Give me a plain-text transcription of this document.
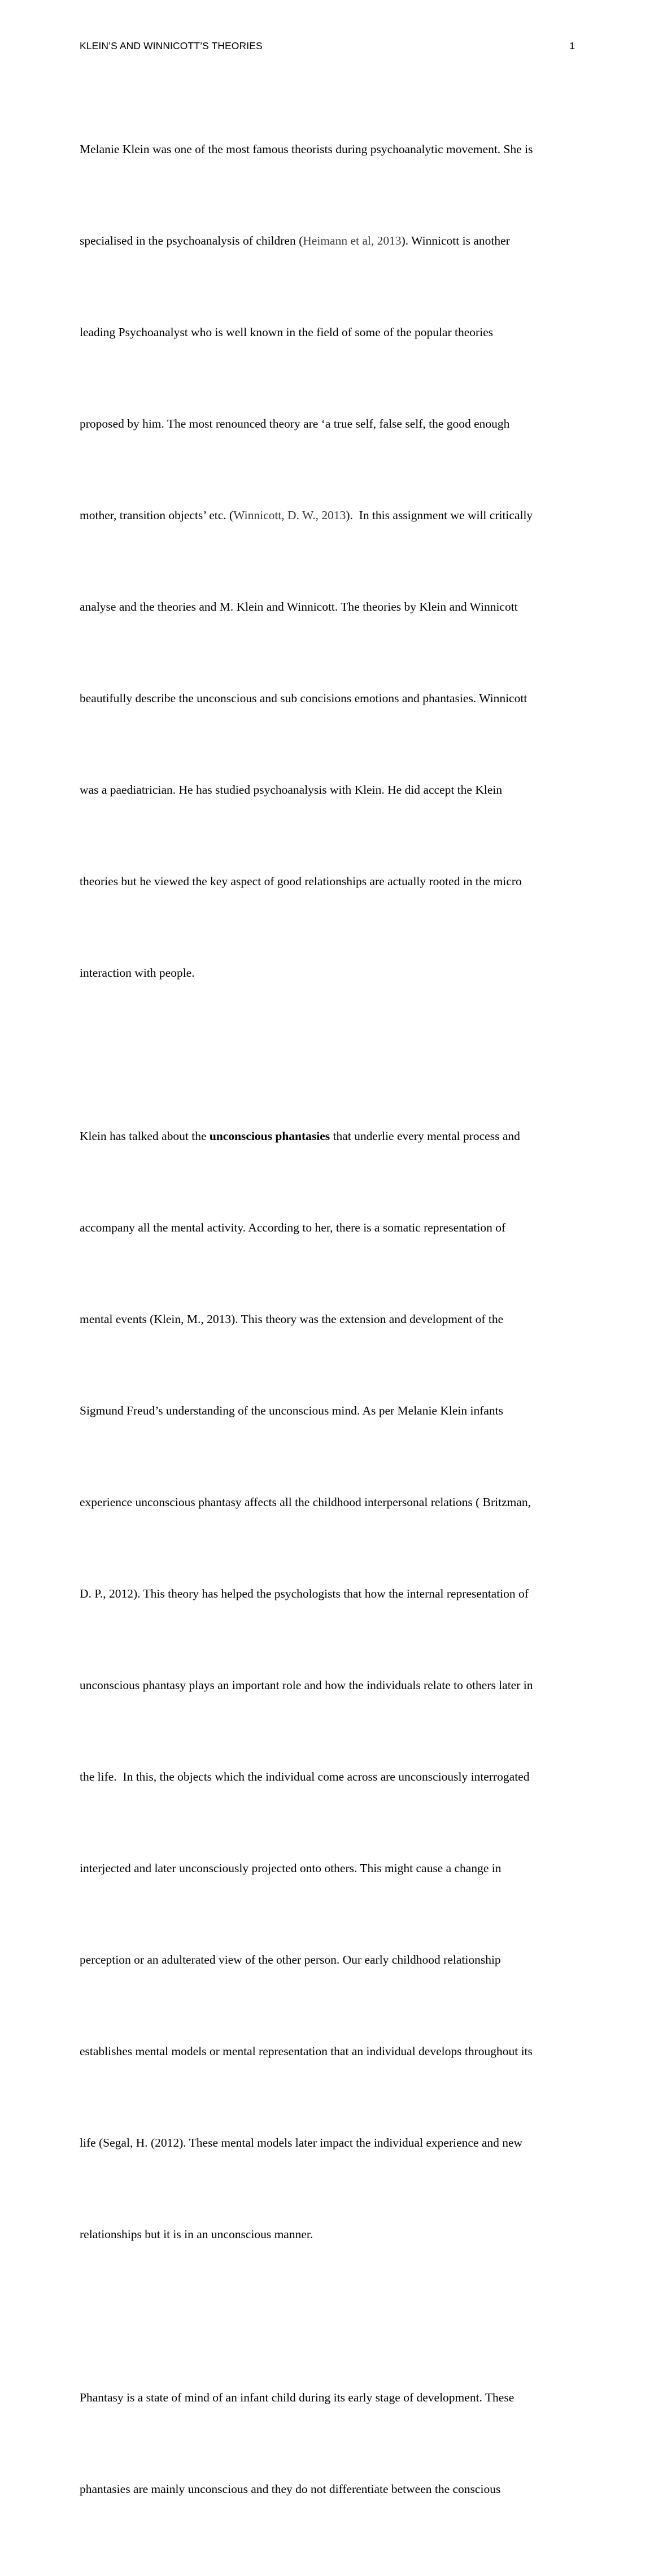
KLEIN’S AND WINNICOTT’S THEORIES	1

Melanie Klein was one of the most famous theorists during psychoanalytic movement. She is

specialised in the psychoanalysis of children (Heimann et al, 2013). Winnicott is another

leading Psychoanalyst who is well known in the field of some of the popular theories

proposed by him. The most renounced theory are ‘a true self, false self, the good enough

mother, transition objects’ etc. (Winnicott, D. W., 2013).  In this assignment we will critically

analyse and the theories and M. Klein and Winnicott. The theories by Klein and Winnicott

beautifully describe the unconscious and sub concisions emotions and phantasies. Winnicott

was a paediatrician. He has studied psychoanalysis with Klein. He did accept the Klein

theories but he viewed the key aspect of good relationships are actually rooted in the micro

interaction with people.

Klein has talked about the unconscious phantasies that underlie every mental process and

accompany all the mental activity. According to her, there is a somatic representation of

mental events (Klein, M., 2013). This theory was the extension and development of the

Sigmund Freud’s understanding of the unconscious mind. As per Melanie Klein infants

experience unconscious phantasy affects all the childhood interpersonal relations ( Britzman,

D. P., 2012). This theory has helped the psychologists that how the internal representation of

unconscious phantasy plays an important role and how the individuals relate to others later in

the life.  In this, the objects which the individual come across are unconsciously interrogated

interjected and later unconsciously projected onto others. This might cause a change in

perception or an adulterated view of the other person. Our early childhood relationship

establishes mental models or mental representation that an individual develops throughout its

life (Segal, H. (2012). These mental models later impact the individual experience and new

relationships but it is in an unconscious manner.

Phantasy is a state of mind of an infant child during its early stage of development. These

phantasies are mainly unconscious and they do not differentiate between the conscious
